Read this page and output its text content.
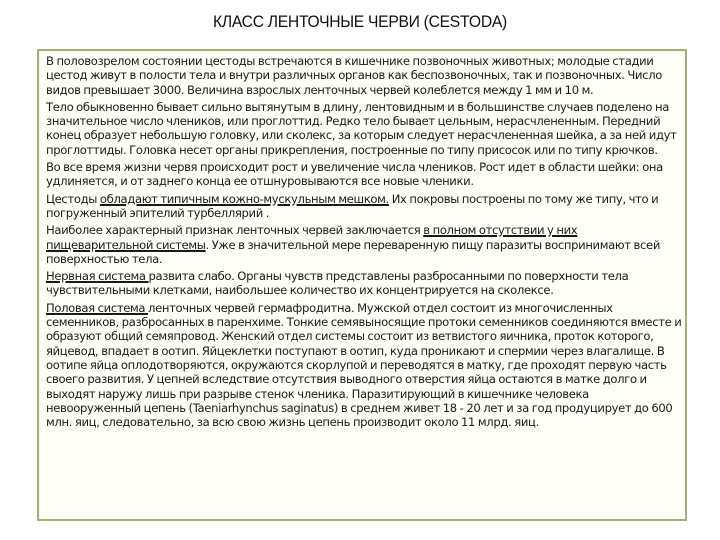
КЛАСС ЛЕНТОЧНЫЕ ЧЕРВИ (CESTODA)

В половозрелом состоянии цестоды встречаются в кишечнике позвоночных животных; молодые стадии цестод живут в полости тела и внутри различных органов как беспозвоночных, так и позвоночных. Число видов превышает 3000. Величина взрослых ленточных червей колеблется между 1 мм и 10 м.

Тело обыкновенно бывает сильно вытянутым в длину, лентовидным и в большинстве случаев поделено на значительное число члеников, или проглоттид. Редко тело бывает цельным, нерасчлененным. Передний конец образует небольшую головку, или сколекс, за которым следует нерасчлененная шейка, а за ней идут проглоттиды. Головка несет органы прикрепления, построенные по типу присосок или по типу крючков.

Во все время жизни червя происходит рост и увеличение числа члеников. Рост идет в области шейки: она удлиняется, и от заднего конца ее отшнуровываются все новые членики.

Цестоды обладают типичным кожно-мускульным мешком. Их покровы построены по тому же типу, что и погруженный эпителий турбеллярий .

Наиболее характерный признак ленточных червей заключается в полном отсутствии у них пищеварительной системы. Уже в значительной мере переваренную пищу паразиты воспринимают всей поверхностью тела.

Нервная система развита слабо. Органы чувств представлены разбросанными по поверхности тела чувствительными клетками, наибольшее количество их концентрируется на сколексе.

Половая система ленточных червей гермафродитна. Мужской отдел состоит из многочисленных семенников, разбросанных в паренхиме. Тонкие семявыносящие протоки семенников соединяются вместе и образуют общий семяпровод. Женский отдел системы состоит из ветвистого яичника, проток которого, яйцевод, впадает в оотип. Яйцеклетки поступают в оотип, куда проникают и спермии через влагалище. В оотипе яйца оплодотворяются, окружаются скорлупой и переводятся в матку, где проходят первую часть своего развития. У цепней вследствие отсутствия выводного отверстия яйца остаются в матке долго и выходят наружу лишь при разрыве стенок членика. Паразитирующий в кишечнике человека невооруженный цепень (Taeniarhynchus saginatus) в среднем живет 18 - 20 лет и за год продуцирует до 600 млн. яиц, следовательно, за всю свою жизнь цепень производит около 11 млрд. яиц.
